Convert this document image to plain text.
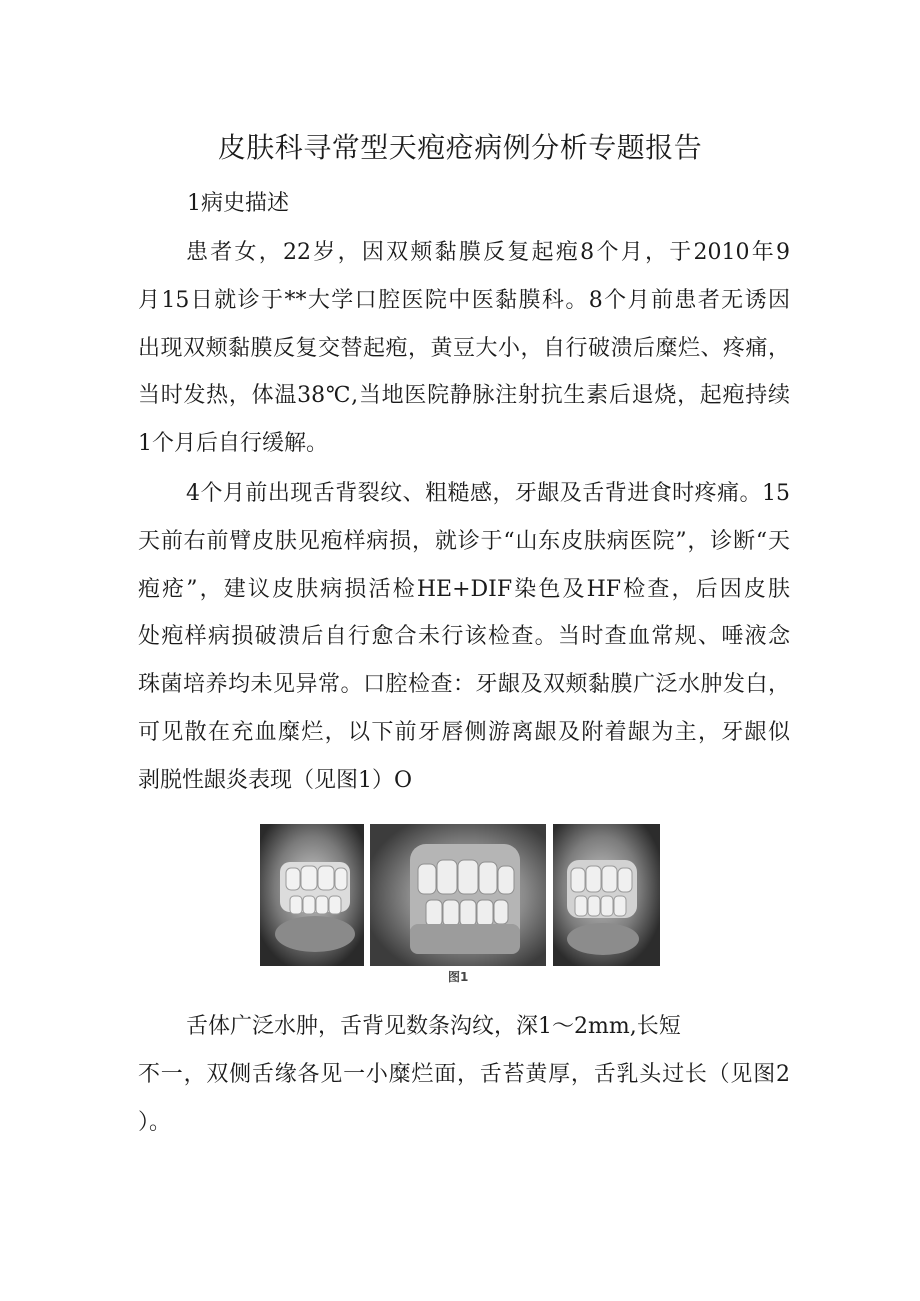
皮肤科寻常型天疱疮病例分析专题报告
1病史描述
患者女，22岁，因双颊黏膜反复起疱8个月，于2010年9
月15日就诊于**大学口腔医院中医黏膜科。8个月前患者无诱因
出现双颊黏膜反复交替起疱，黄豆大小，自行破溃后糜烂、疼痛，
当时发热，体温38℃,当地医院静脉注射抗生素后退烧，起疱持续
1个月后自行缓解。
4个月前出现舌背裂纹、粗糙感，牙龈及舌背进食时疼痛。15
天前右前臂皮肤见疱样病损，就诊于“山东皮肤病医院”，诊断“天
疱疮”，建议皮肤病损活检HE+DIF染色及HF检查，后因皮肤
处疱样病损破溃后自行愈合未行该检查。当时查血常规、唾液念
珠菌培养均未见异常。口腔检查：牙龈及双颊黏膜广泛水肿发白，
可见散在充血糜烂，以下前牙唇侧游离龈及附着龈为主，牙龈似
剥脱性龈炎表现（见图1）O
图1
舌体广泛水肿，舌背见数条沟纹，深1～2mm,长短
不一，双侧舌缘各见一小糜烂面，舌苔黄厚，舌乳头过长（见图2
）。
